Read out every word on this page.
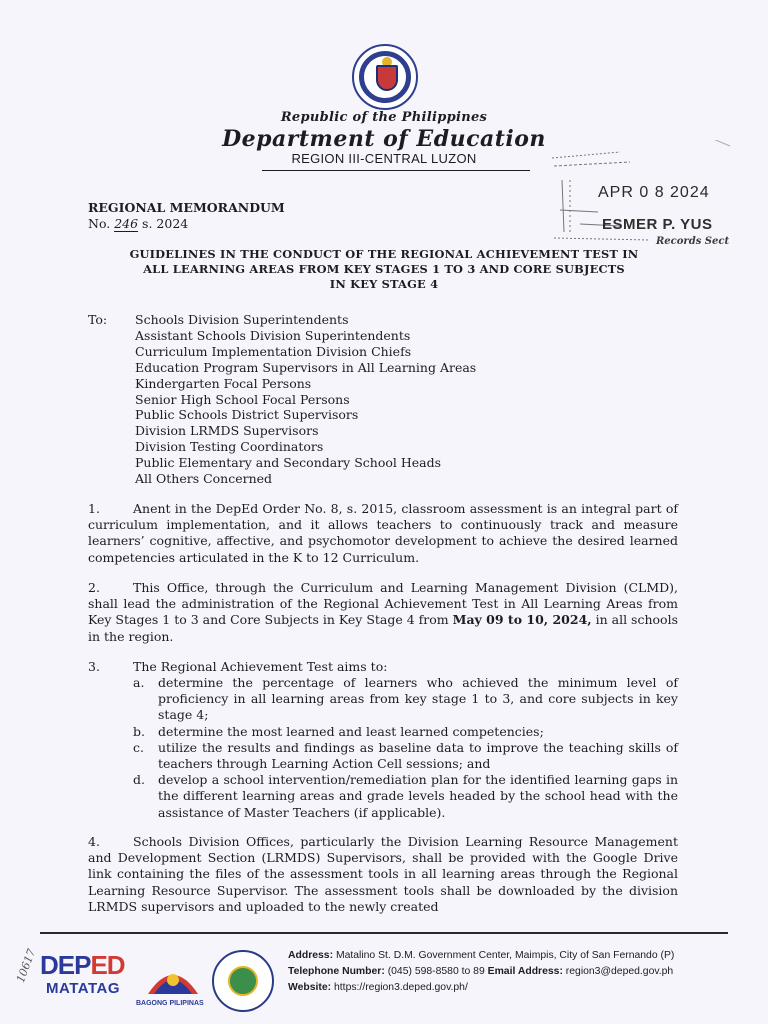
Republic of the Philippines
Department of Education
REGION III-CENTRAL LUZON
APR 0 8 2024
ESMER P. YUS
Records Sect
REGIONAL MEMORANDUM
No. 246 s. 2024
GUIDELINES IN THE CONDUCT OF THE REGIONAL ACHIEVEMENT TEST IN
ALL LEARNING AREAS FROM KEY STAGES 1 TO 3 AND CORE SUBJECTS
IN KEY STAGE 4
To: Schools Division Superintendents
Assistant Schools Division Superintendents
Curriculum Implementation Division Chiefs
Education Program Supervisors in All Learning Areas
Kindergarten Focal Persons
Senior High School Focal Persons
Public Schools District Supervisors
Division LRMDS Supervisors
Division Testing Coordinators
Public Elementary and Secondary School Heads
All Others Concerned
1.	Anent in the DepEd Order No. 8, s. 2015, classroom assessment is an integral part of curriculum implementation, and it allows teachers to continuously track and measure learners’ cognitive, affective, and psychomotor development to achieve the desired learned competencies articulated in the K to 12 Curriculum.
2.	This Office, through the Curriculum and Learning Management Division (CLMD), shall lead the administration of the Regional Achievement Test in All Learning Areas from Key Stages 1 to 3 and Core Subjects in Key Stage 4 from May 09 to 10, 2024, in all schools in the region.
3.	The Regional Achievement Test aims to:
a. determine the percentage of learners who achieved the minimum level of proficiency in all learning areas from key stage 1 to 3, and core subjects in key stage 4;
b. determine the most learned and least learned competencies;
c. utilize the results and findings as baseline data to improve the teaching skills of teachers through Learning Action Cell sessions; and
d. develop a school intervention/remediation plan for the identified learning gaps in the different learning areas and grade levels headed by the school head with the assistance of Master Teachers (if applicable).
4.	Schools Division Offices, particularly the Division Learning Resource Management and Development Section (LRMDS) Supervisors, shall be provided with the Google Drive link containing the files of the assessment tools in all learning areas through the Regional Learning Resource Supervisor. The assessment tools shall be downloaded by the division LRMDS supervisors and uploaded to the newly created
DEPED
MATATAG
BAGONG PILIPINAS
Address: Matalino St. D.M. Government Center, Maimpis, City of San Fernando (P)
Telephone Number: (045) 598-8580 to 89 Email Address: region3@deped.gov.ph
Website: https://region3.deped.gov.ph/
10617
